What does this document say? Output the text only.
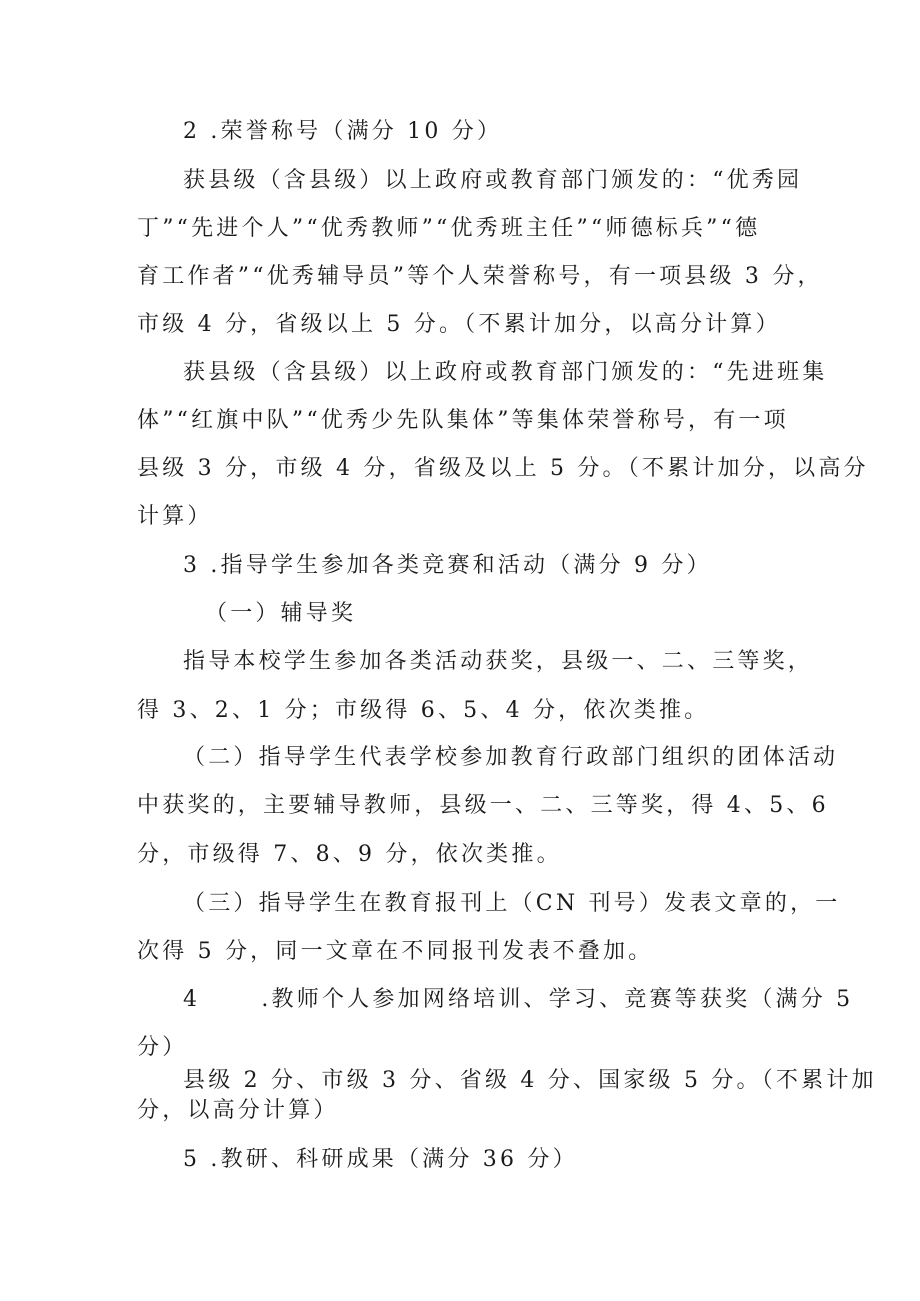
2 .荣誉称号（满分 10 分）
获县级（含县级）以上政府或教育部门颁发的：“优秀园
丁”“先进个人”“优秀教师”“优秀班主任”“师德标兵”“德
育工作者”“优秀辅导员”等个人荣誉称号，有一项县级 3 分，
市级 4 分，省级以上 5 分。（不累计加分，以高分计算）
获县级（含县级）以上政府或教育部门颁发的：“先进班集
体”“红旗中队”“优秀少先队集体”等集体荣誉称号，有一项
县级 3 分，市级 4 分，省级及以上 5 分。（不累计加分，以高分
计算）
3 .指导学生参加各类竞赛和活动（满分 9 分）
（一）辅导奖
指导本校学生参加各类活动获奖，县级一、二、三等奖，
得 3、2、1 分；市级得 6、5、4 分，依次类推。
（二）指导学生代表学校参加教育行政部门组织的团体活动
中获奖的，主要辅导教师，县级一、二、三等奖，得 4、5、6
分，市级得 7、8、9 分，依次类推。
（三）指导学生在教育报刊上（CN 刊号）发表文章的，一
次得 5 分，同一文章在不同报刊发表不叠加。
4      .教师个人参加网络培训、学习、竞赛等获奖（满分 5
分）
县级 2 分、市级 3 分、省级 4 分、国家级 5 分。（不累计加
分，以高分计算）
5 .教研、科研成果（满分 36 分）
